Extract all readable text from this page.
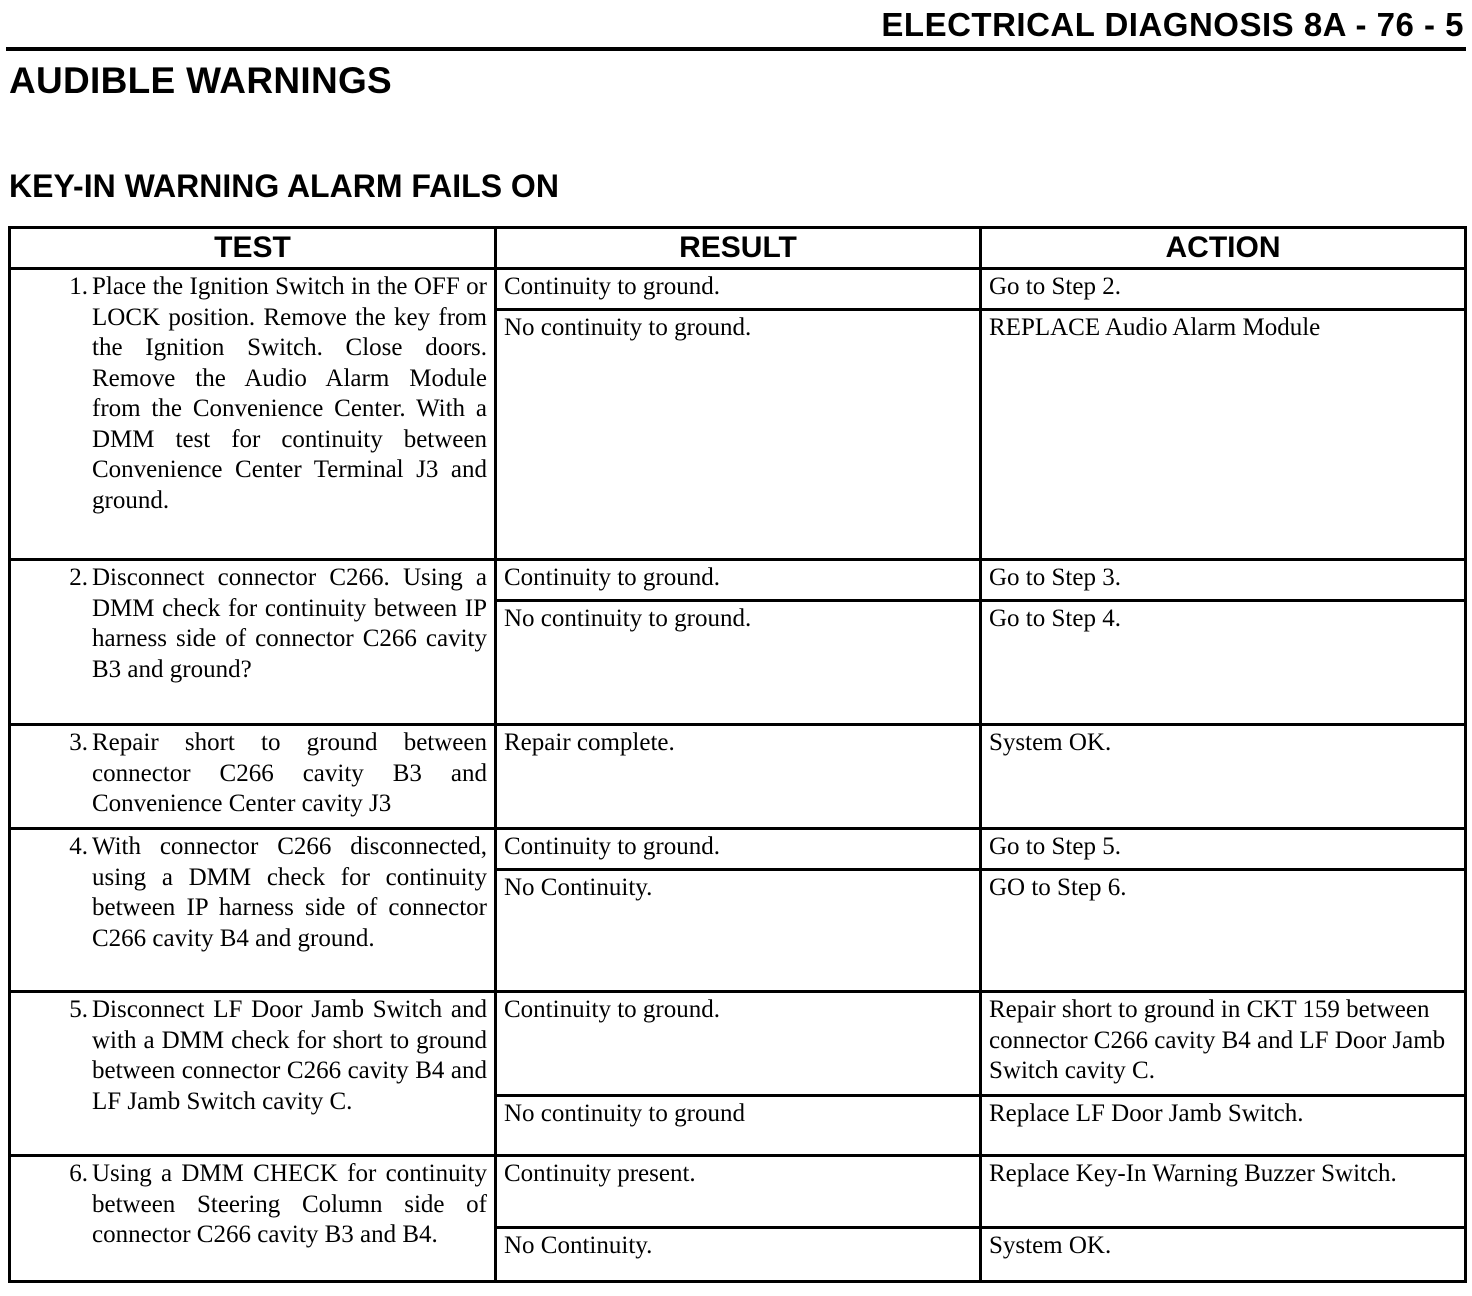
ELECTRICAL DIAGNOSIS 8A - 76 - 5
AUDIBLE WARNINGS
KEY-IN WARNING ALARM FAILS ON
TEST	RESULT	ACTION

1. Place the Ignition Switch in the OFF or LOCK position. Remove the key from the Ignition Switch. Close doors. Remove the Audio Alarm Module from the Convenience Center. With a DMM test for continuity between Convenience Center Terminal J3 and ground.	Continuity to ground.	Go to Step 2.
	No continuity to ground.	REPLACE Audio Alarm Module

2. Disconnect connector C266. Using a DMM check for continuity between IP harness side of connector C266 cavity B3 and ground?	Continuity to ground.	Go to Step 3.
	No continuity to ground.	Go to Step 4.

3. Repair short to ground between connector C266 cavity B3 and Convenience Center cavity J3	Repair complete.	System OK.

4. With connector C266 disconnected, using a DMM check for continuity between IP harness side of connector C266 cavity B4 and ground.	Continuity to ground.	Go to Step 5.
	No Continuity.	GO to Step 6.

5. Disconnect LF Door Jamb Switch and with a DMM check for short to ground between connector C266 cavity B4 and LF Jamb Switch cavity C.	Continuity to ground.	Repair short to ground in CKT 159 between connector C266 cavity B4 and LF Door Jamb Switch cavity C.
	No continuity to ground	Replace LF Door Jamb Switch.

6. Using a DMM CHECK for continuity between Steering Column side of connector C266 cavity B3 and B4.	Continuity present.	Replace Key-In Warning Buzzer Switch.
	No Continuity.	System OK.
